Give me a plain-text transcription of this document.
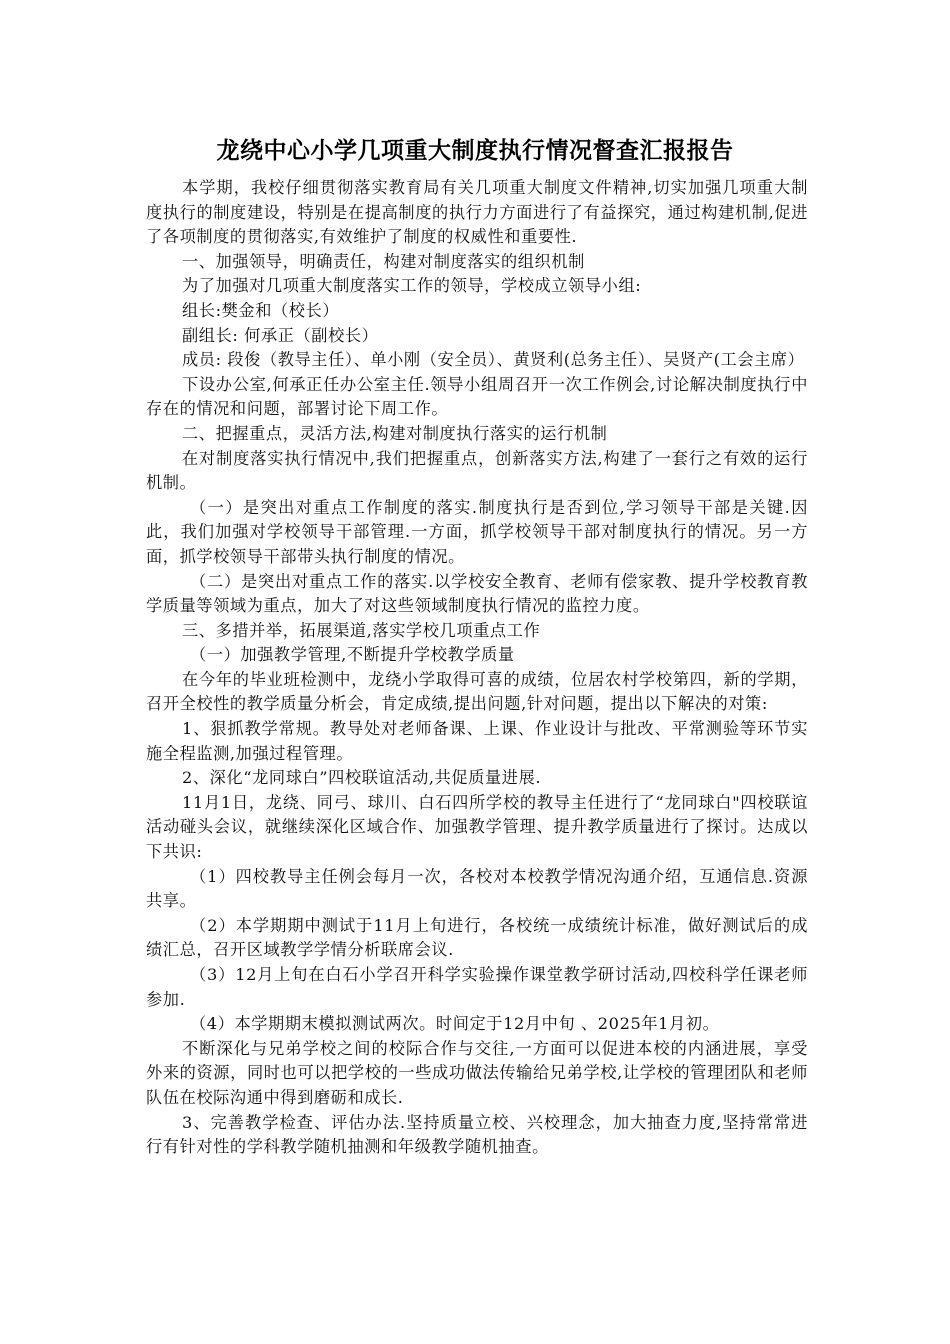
龙绕中心小学几项重大制度执行情况督查汇报报告

本学期，我校仔细贯彻落实教育局有关几项重大制度文件精神,切实加强几项重大制度执行的制度建设，特别是在提高制度的执行力方面进行了有益探究，通过构建机制,促进了各项制度的贯彻落实,有效维护了制度的权威性和重要性.

一、加强领导，明确责任，构建对制度落实的组织机制

为了加强对几项重大制度落实工作的领导，学校成立领导小组:

组长:樊金和（校长）

副组长: 何承正（副校长）

成员: 段俊（教导主任）、单小刚（安全员）、黄贤利(总务主任）、吴贤产(工会主席）

下设办公室,何承正任办公室主任.领导小组周召开一次工作例会,讨论解决制度执行中存在的情况和问题，部署讨论下周工作。

二、把握重点，灵活方法,构建对制度执行落实的运行机制

在对制度落实执行情况中,我们把握重点，创新落实方法,构建了一套行之有效的运行机制。

（一）是突出对重点工作制度的落实.制度执行是否到位,学习领导干部是关键.因此，我们加强对学校领导干部管理.一方面，抓学校领导干部对制度执行的情况。另一方面，抓学校领导干部带头执行制度的情况。

（二）是突出对重点工作的落实.以学校安全教育、老师有偿家教、提升学校教育教学质量等领域为重点，加大了对这些领域制度执行情况的监控力度。

三、多措并举，拓展渠道,落实学校几项重点工作

（一）加强教学管理,不断提升学校教学质量

在今年的毕业班检测中，龙绕小学取得可喜的成绩，位居农村学校第四，新的学期，召开全校性的教学质量分析会，肯定成绩,提出问题,针对问题，提出以下解决的对策:

1、狠抓教学常规。教导处对老师备课、上课、作业设计与批改、平常测验等环节实施全程监测,加强过程管理。

2、深化“龙同球白”四校联谊活动,共促质量进展.

11月1日，龙绕、同弓、球川、白石四所学校的教导主任进行了“龙同球白"四校联谊活动碰头会议，就继续深化区域合作、加强教学管理、提升教学质量进行了探讨。达成以下共识:

（1）四校教导主任例会每月一次，各校对本校教学情况沟通介绍，互通信息.资源共享。

（2）本学期期中测试于11月上旬进行，各校统一成绩统计标准，做好测试后的成绩汇总，召开区域教学学情分析联席会议.

（3）12月上旬在白石小学召开科学实验操作课堂教学研讨活动,四校科学任课老师参加.

（4）本学期期末模拟测试两次。时间定于12月中旬 、2025年1月初。

不断深化与兄弟学校之间的校际合作与交往,一方面可以促进本校的内涵进展，享受外来的资源，同时也可以把学校的一些成功做法传输给兄弟学校,让学校的管理团队和老师队伍在校际沟通中得到磨砺和成长.

3、完善教学检查、评估办法.坚持质量立校、兴校理念，加大抽查力度,坚持常常进行有针对性的学科教学随机抽测和年级教学随机抽查。
